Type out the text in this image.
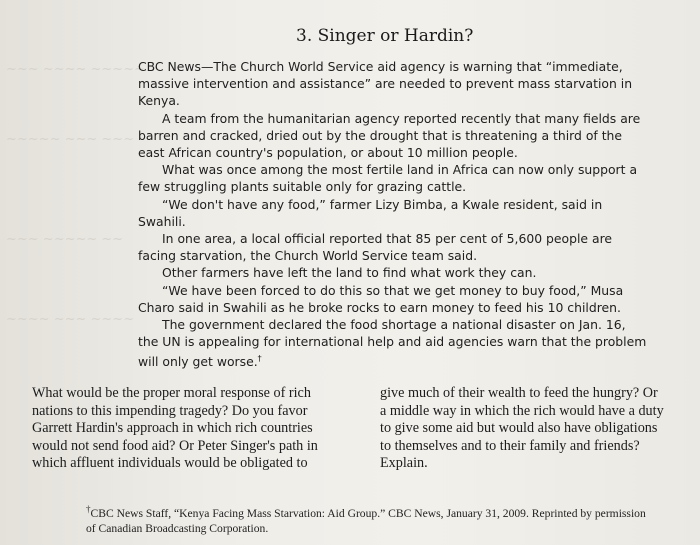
~~~ ~~~~ ~~~~~
~~~~~ ~~~ ~~~
~~~ ~~~~~ ~~
~~~~ ~~~ ~~~~
3. Singer or Hardin?

CBC News—The Church World Service aid agency is warning that “immediate, massive intervention and assistance” are needed to prevent mass starvation in Kenya.

A team from the humanitarian agency reported recently that many fields are barren and cracked, dried out by the drought that is threatening a third of the east African country's population, or about 10 million people.

What was once among the most fertile land in Africa can now only support a few struggling plants suitable only for grazing cattle.

“We don't have any food,” farmer Lizy Bimba, a Kwale resident, said in Swahili.

In one area, a local official reported that 85 per cent of 5,600 people are facing starvation, the Church World Service team said.

Other farmers have left the land to find what work they can.

“We have been forced to do this so that we get money to buy food,” Musa Charo said in Swahili as he broke rocks to earn money to feed his 10 children.

The government declared the food shortage a national disaster on Jan. 16, the UN is appealing for international help and aid agencies warn that the problem will only get worse.†

What would be the proper moral response of rich
nations to this impending tragedy? Do you favor
Garrett Hardin's approach in which rich countries
would not send food aid? Or Peter Singer's path in
which affluent individuals would be obligated to
give much of their wealth to feed the hungry? Or
a middle way in which the rich would have a duty
to give some aid but would also have obligations
to themselves and to their family and friends?
Explain.
†CBC News Staff, “Kenya Facing Mass Starvation: Aid Group.” CBC News, January 31, 2009. Reprinted by permission of Canadian Broadcasting Corporation.
